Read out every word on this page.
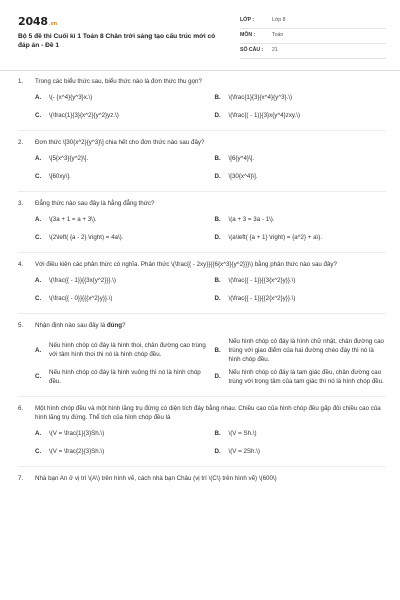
2048.vn
Bộ 5 đề thi Cuối kì 1 Toán 8 Chân trời sáng tạo cấu trúc mới có đáp án - Đề 1
LỚP :	Lớp 8
MÔN :	Toán
SỐ CÂU :	21
1.	Trong các biểu thức sau, biểu thức nào là đơn thức thu gọn?
A.	\(- {x^4}{y^3}x.\)	B.	\(\frac{1}{3}{x^4}{y^3}.\)
C.	\(\frac{1}{3}{x^2}{y^2}yz.\)	D.	\(\frac{( - 1)}{3}x{y^4}zxy.\)
2.	Đơn thức \[30{x^2}{y^3}\] chia hết cho đơn thức nào sau đây?
A.	\[5{x^3}{y^2}\].	B.	\[6{y^4}\].
C.	\[60xy\].	D.	\[30{x^4}\].
3.	Đẳng thức nào sau đây là hằng đẳng thức?
A.	\(3a + 1 = a + 3\).	B.	\(a + 3 = 3a - 1\).
C.	\(2\left( {a - 2} \right) = 4a\).	D.	\(a\left( {a + 1} \right) = {a^2} + a\).
4.	Với điều kiện các phân thức có nghĩa. Phân thức \(\frac{{ - 2xy}}{{6{x^3}{y^2}}}\) bằng phân thức nào sau đây?
A.	\(\frac{{ - 1}}{{3x{y^2}}}.\)	B.	\(\frac{{ - 1}}{{3{x^2}y}}.\)
C.	\(\frac{{ - 0}}{{{x^2}y}}.\)	D.	\(\frac{{ - 1}}{{2{x^2}y}}.\)
5.	Nhận định nào sau đây là đúng?
A.
Nếu hình chóp có đáy là hình thoi, chân đường cao trùng với tâm hình thoi thì nó là hình chóp đều.
B.
Nếu hình chóp có đáy là hình chữ nhật, chân đường cao trùng với giao điểm của hai đường chéo đáy thì nó là hình chóp đều.
C.
Nếu hình chóp có đáy là hình vuông thì nó là hình chóp đều.
D.
Nếu hình chóp có đáy là tam giác đều, chân đường cao trùng với trọng tâm của tam giác thì nó là hình chóp đều.
6.	Một hình chóp đều và một hình lăng trụ đứng có diện tích đáy bằng nhau. Chiều cao của hình chóp đều gấp đôi chiều cao của hình lăng trụ đứng. Thể tích của hình chóp đều là
A.	\(V = \frac{1}{3}Sh.\)	B.	\(V = Sh.\)
C.	\(V = \frac{2}{3}Sh.\)	D.	\(V = 2Sh.\)
7.	Nhà bạn An ở vị trí \(A\) trên hình vẽ, cách nhà bạn Châu (vị trí \(C\) trên hình vẽ) \(600\)
